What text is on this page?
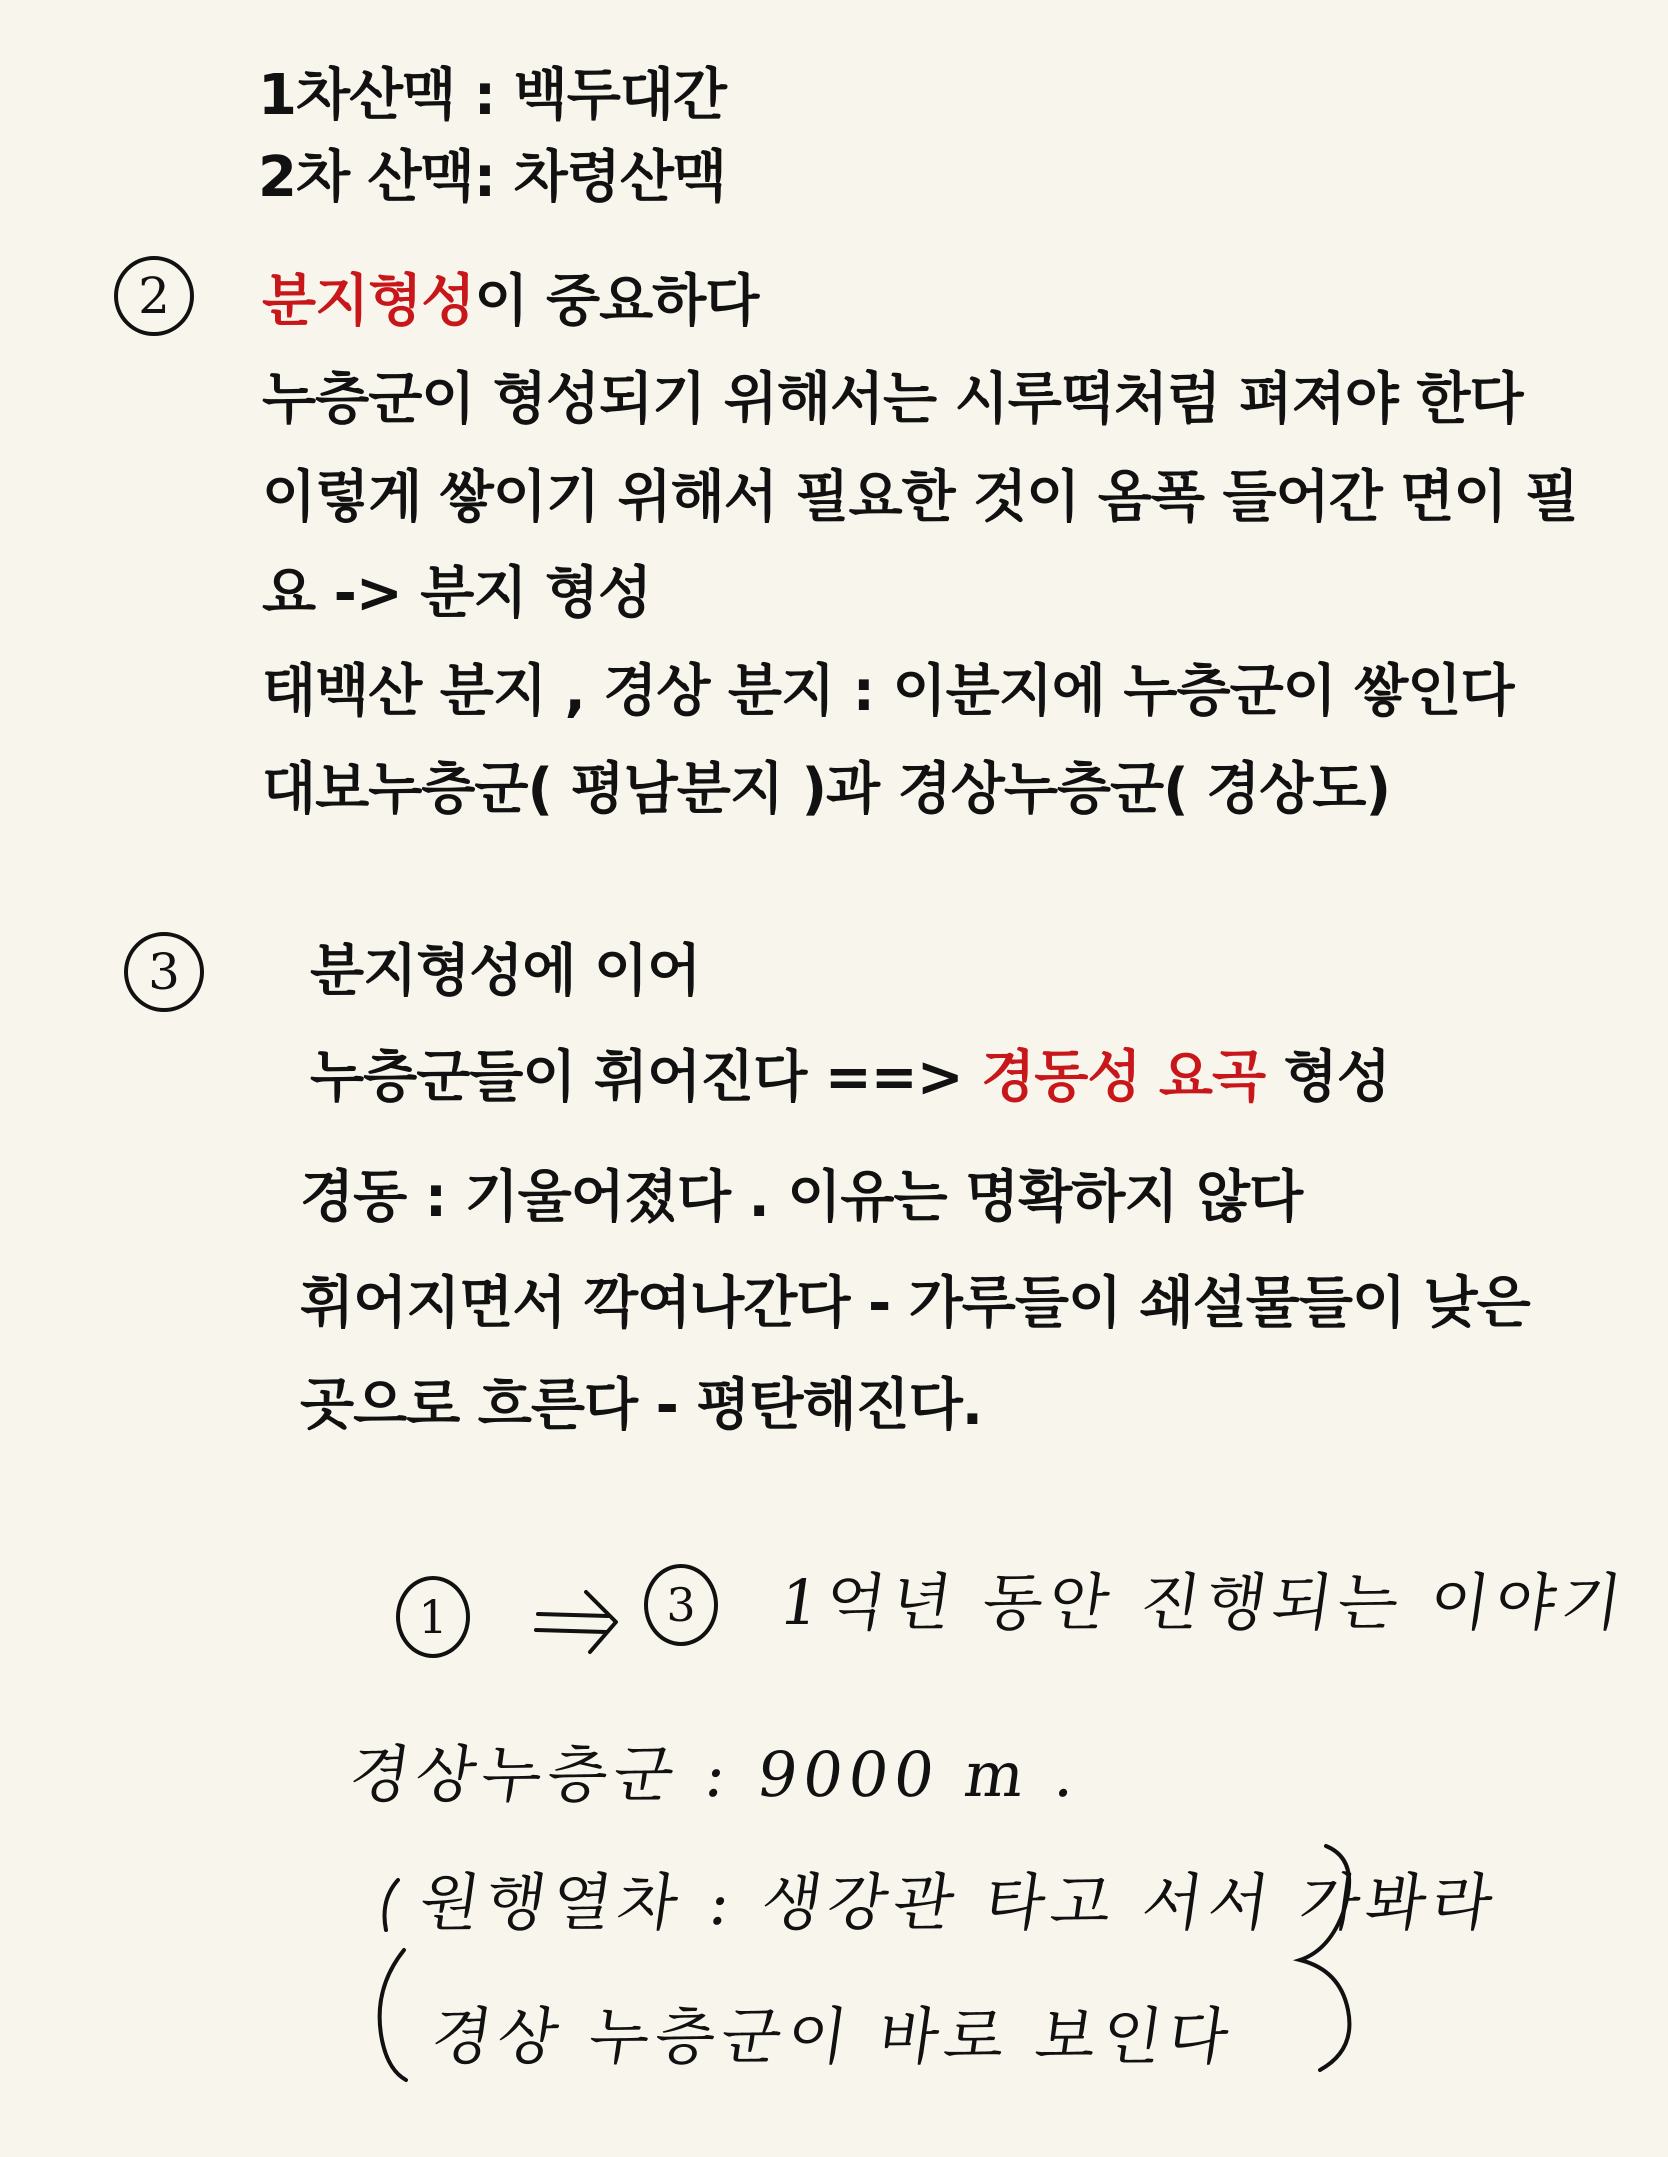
1차산맥 : 백두대간
2차 산맥: 차령산맥
2	분지형성이 중요하다
누층군이 형성되기 위해서는 시루떡처럼 펴져야 한다
이렇게 쌓이기 위해서 필요한 것이 옴폭 들어간 면이 필
요 -> 분지 형성
태백산 분지 , 경상 분지 : 이분지에 누층군이 쌓인다
대보누층군( 평남분지 )과 경상누층군( 경상도)
3	분지형성에 이어
누층군들이 휘어진다 ==> 경동성 요곡 형성
경동 : 기울어졌다 . 이유는 명확하지 않다
휘어지면서 깍여나간다 - 가루들이 쇄설물들이 낮은
곳으로 흐른다 - 평탄해진다.
1	3	1억년 동안 진행되는 이야기
경상누층군 : 9000 m .
원행열차 : 생강관 타고 서서 가봐라
경상 누층군이 바로 보인다
